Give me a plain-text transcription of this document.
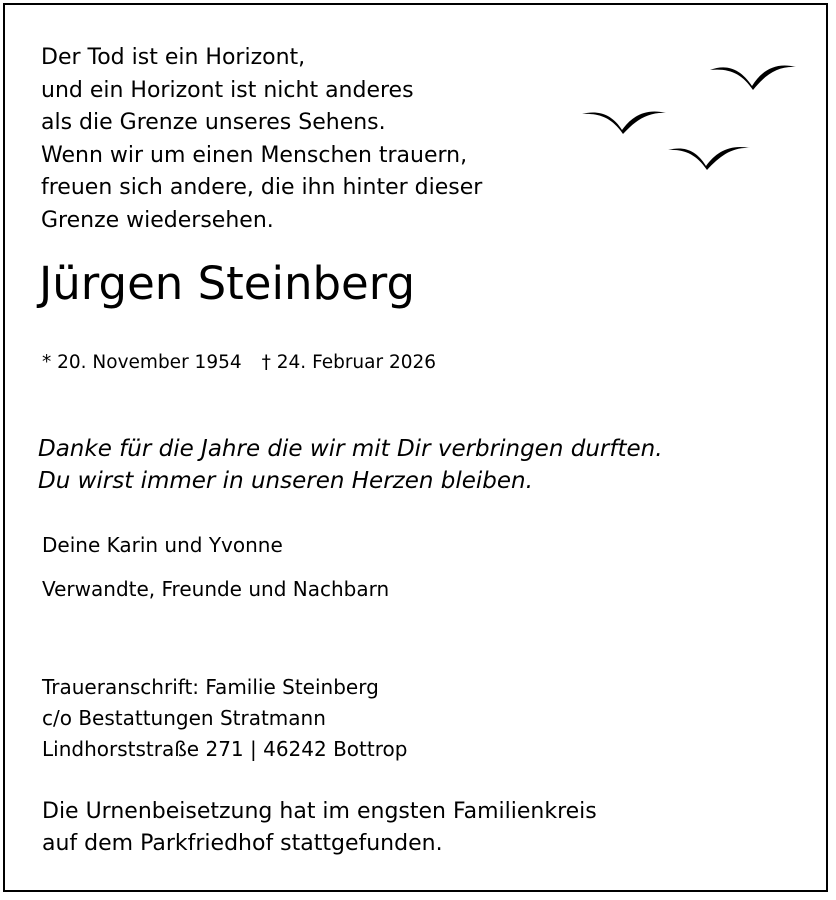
Der Tod ist ein Horizont,
und ein Horizont ist nicht anderes
als die Grenze unseres Sehens.
Wenn wir um einen Menschen trauern,
freuen sich andere, die ihn hinter dieser
Grenze wiedersehen.
Jürgen Steinberg
* 20. November 1954 † 24. Februar 2026
Danke für die Jahre die wir mit Dir verbringen durften.
Du wirst immer in unseren Herzen bleiben.
Deine Karin und Yvonne
Verwandte, Freunde und Nachbarn
Traueranschrift: Familie Steinberg
c/o Bestattungen Stratmann
Lindhorststraße 271 | 46242 Bottrop
Die Urnenbeisetzung hat im engsten Familienkreis
auf dem Parkfriedhof stattgefunden.
